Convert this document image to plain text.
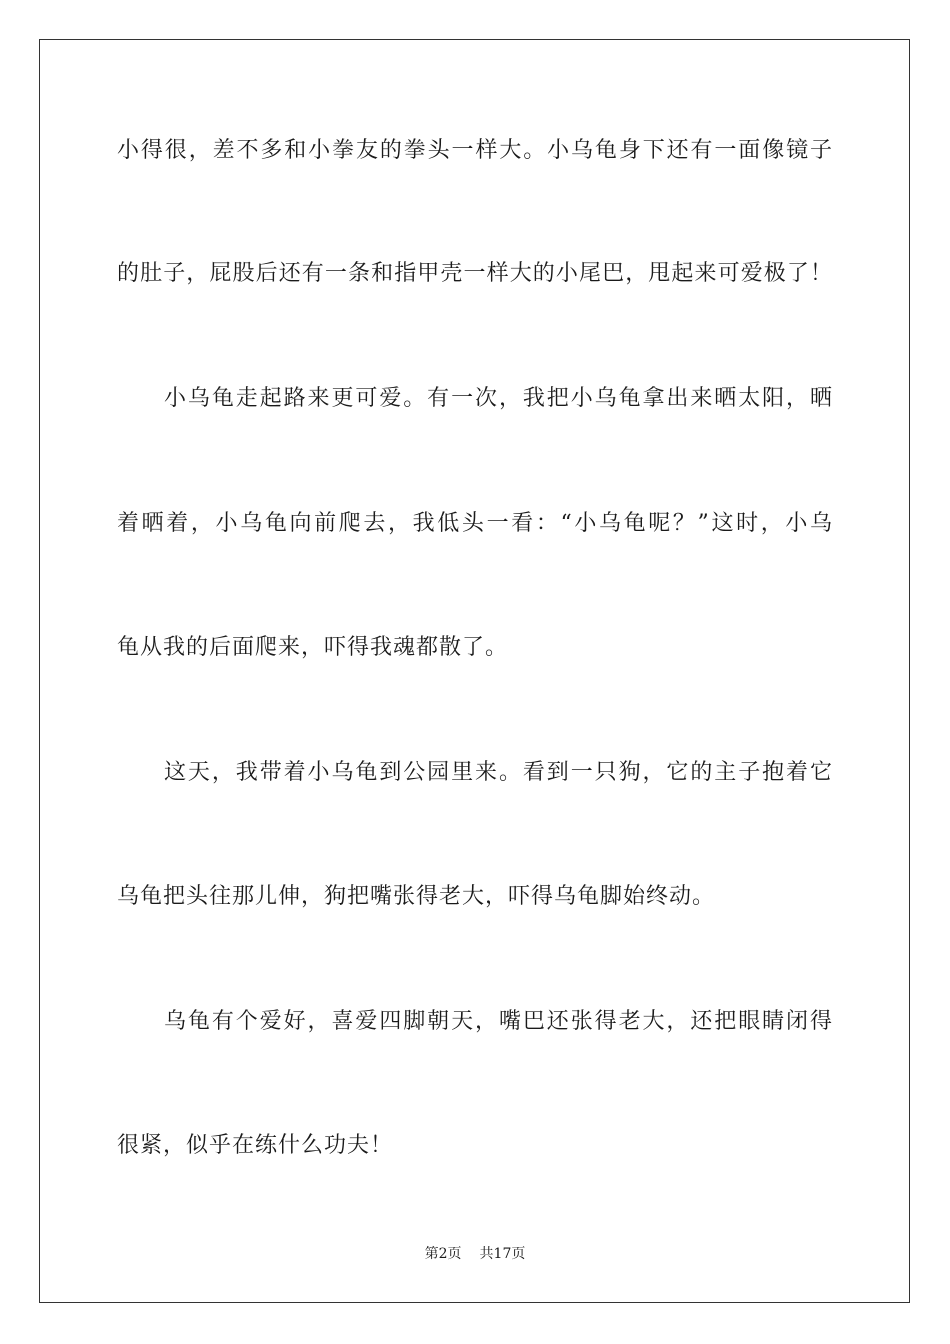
小得很，差不多和小拳友的拳头一样大。小乌龟身下还有一面像镜子
的肚子，屁股后还有一条和指甲壳一样大的小尾巴，甩起来可爱极了！
小乌龟走起路来更可爱。有一次，我把小乌龟拿出来晒太阳，晒
着晒着，小乌龟向前爬去，我低头一看：“小乌龟呢？”这时，小乌
龟从我的后面爬来，吓得我魂都散了。
这天，我带着小乌龟到公园里来。看到一只狗，它的主子抱着它
乌龟把头往那儿伸，狗把嘴张得老大，吓得乌龟脚始终动。
乌龟有个爱好，喜爱四脚朝天，嘴巴还张得老大，还把眼睛闭得
很紧，似乎在练什么功夫！
第2页 共17页
